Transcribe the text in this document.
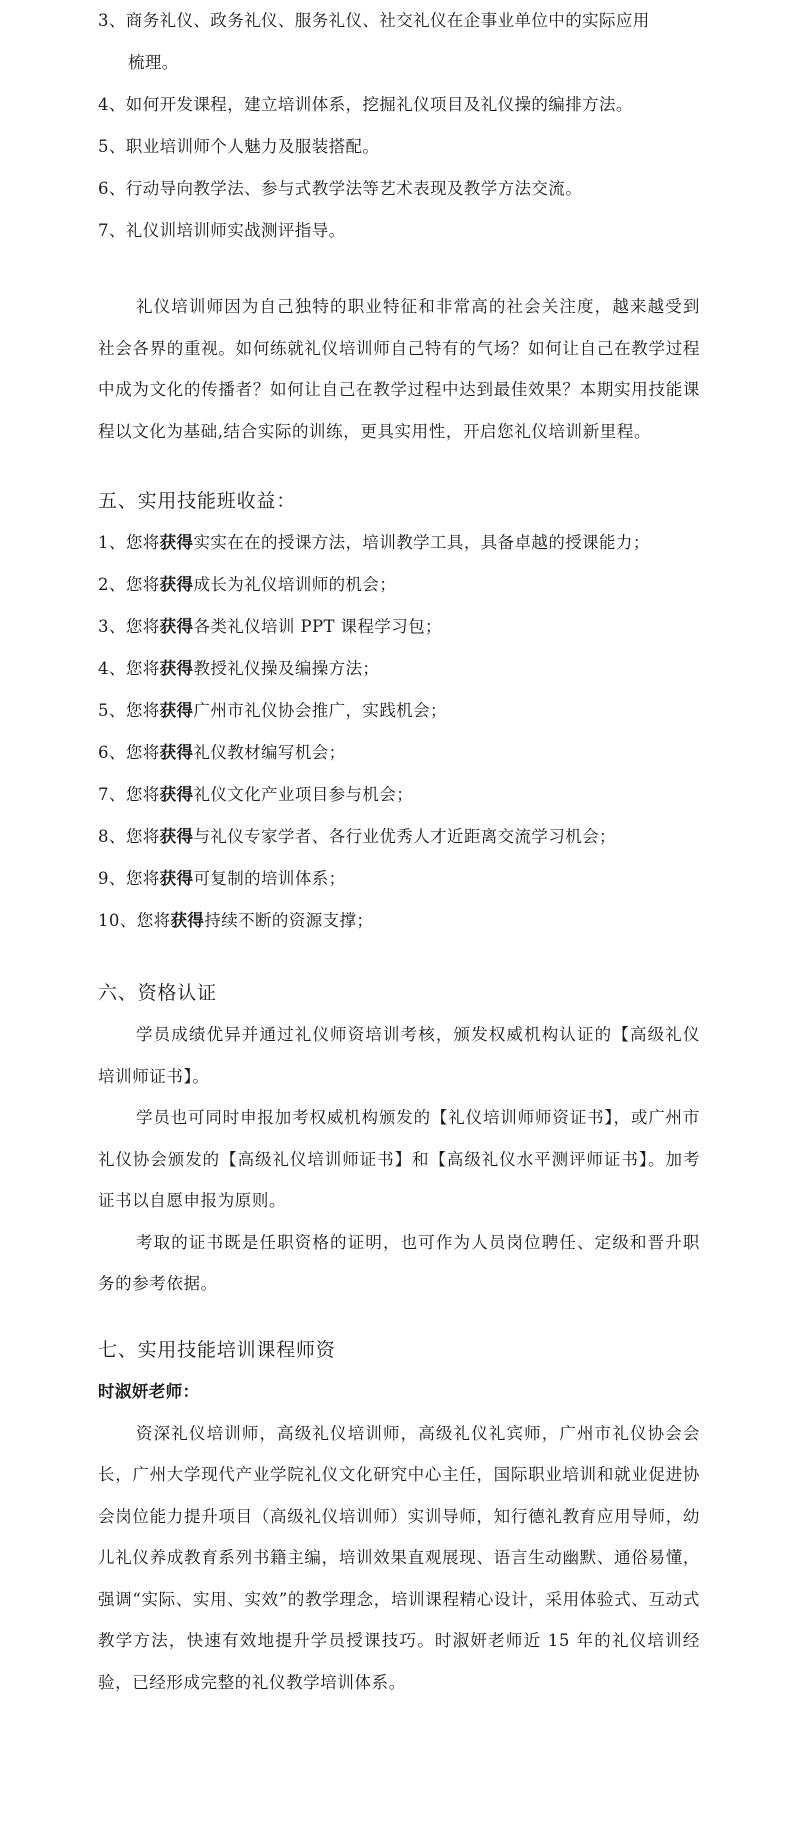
3、商务礼仪、政务礼仪、服务礼仪、社交礼仪在企事业单位中的实际应用
梳理。
4、如何开发课程，建立培训体系，挖掘礼仪项目及礼仪操的编排方法。
5、职业培训师个人魅力及服装搭配。
6、行动导向教学法、参与式教学法等艺术表现及教学方法交流。
7、礼仪训培训师实战测评指导。

礼仪培训师因为自己独特的职业特征和非常高的社会关注度，越来越受到社会各界的重视。如何练就礼仪培训师自己特有的气场？如何让自己在教学过程中成为文化的传播者？如何让自己在教学过程中达到最佳效果？本期实用技能课程以文化为基础,结合实际的训练，更具实用性，开启您礼仪培训新里程。

五、实用技能班收益：
1、您将获得实实在在的授课方法，培训教学工具，具备卓越的授课能力；
2、您将获得成长为礼仪培训师的机会；
3、您将获得各类礼仪培训 PPT 课程学习包；
4、您将获得教授礼仪操及编操方法；
5、您将获得广州市礼仪协会推广，实践机会；
6、您将获得礼仪教材编写机会；
7、您将获得礼仪文化产业项目参与机会；
8、您将获得与礼仪专家学者、各行业优秀人才近距离交流学习机会；
9、您将获得可复制的培训体系；
10、您将获得持续不断的资源支撑；
六、资格认证

学员成绩优异并通过礼仪师资培训考核，颁发权威机构认证的【高级礼仪培训师证书】。

学员也可同时申报加考权威机构颁发的【礼仪培训师师资证书】，或广州市礼仪协会颁发的【高级礼仪培训师证书】和【高级礼仪水平测评师证书】。加考证书以自愿申报为原则。

考取的证书既是任职资格的证明，也可作为人员岗位聘任、定级和晋升职务的参考依据。

七、实用技能培训课程师资
时淑妍老师：

资深礼仪培训师，高级礼仪培训师，高级礼仪礼宾师，广州市礼仪协会会长，广州大学现代产业学院礼仪文化研究中心主任，国际职业培训和就业促进协会岗位能力提升项目（高级礼仪培训师）实训导师，知行德礼教育应用导师，幼儿礼仪养成教育系列书籍主编，培训效果直观展现、语言生动幽默、通俗易懂，强调“实际、实用、实效”的教学理念，培训课程精心设计，采用体验式、互动式教学方法，快速有效地提升学员授课技巧。时淑妍老师近 15 年的礼仪培训经验，已经形成完整的礼仪教学培训体系。
